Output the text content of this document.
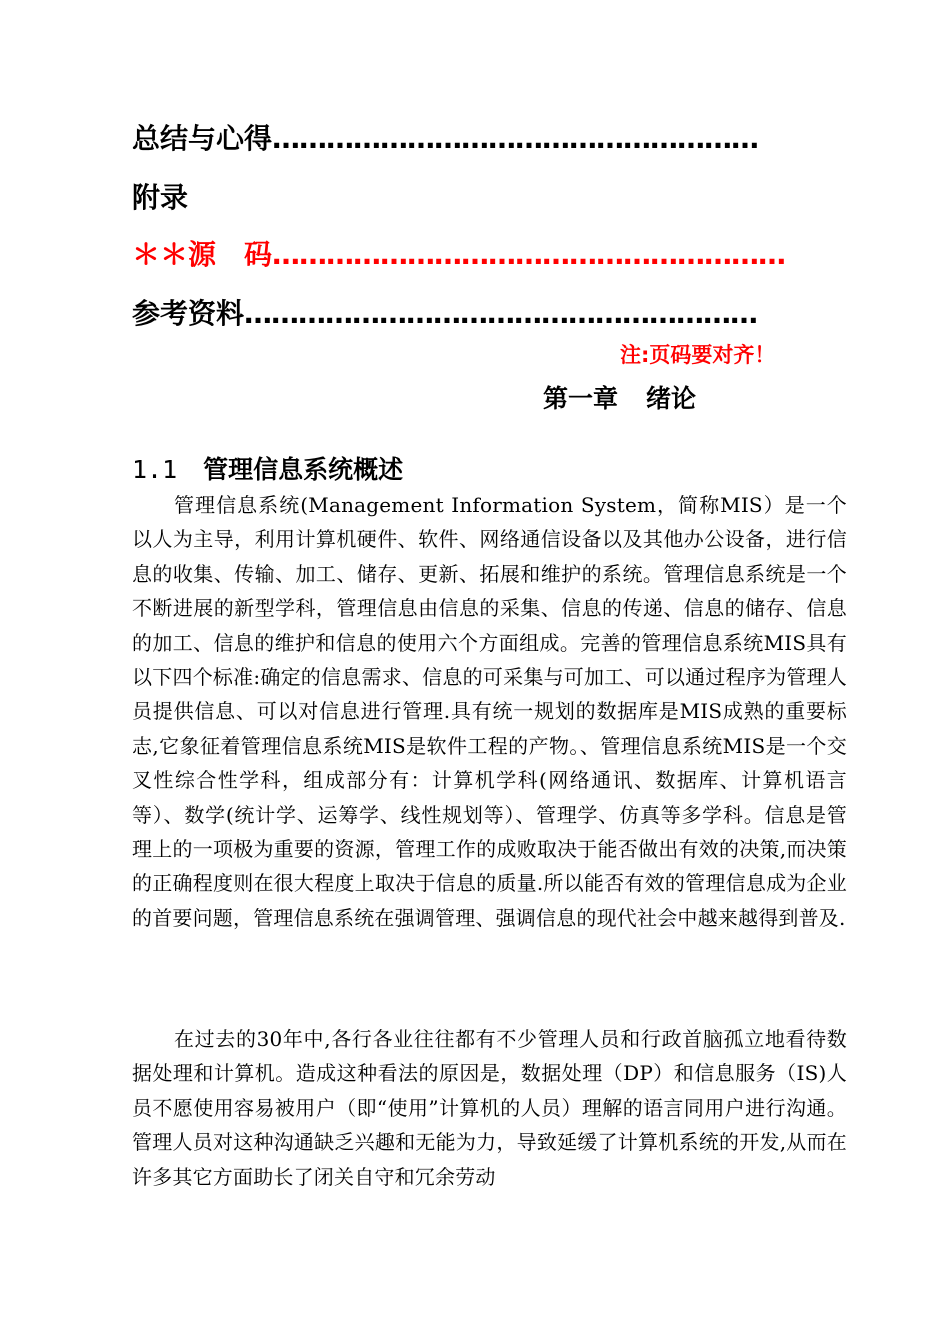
总结与心得………………………………………………
附录
＊＊源　码…………………………………………………
参考资料…………………………………………………
注:页码要对齐！
第一章 绪论
1.1 管理信息系统概述

管理信息系统(Management Information System，简称MIS）是一个以人为主导，利用计算机硬件、软件、网络通信设备以及其他办公设备，进行信息的收集、传输、加工、储存、更新、拓展和维护的系统。管理信息系统是一个不断进展的新型学科，管理信息由信息的采集、信息的传递、信息的储存、信息的加工、信息的维护和信息的使用六个方面组成。完善的管理信息系统MIS具有以下四个标准:确定的信息需求、信息的可采集与可加工、可以通过程序为管理人员提供信息、可以对信息进行管理.具有统一规划的数据库是MIS成熟的重要标志,它象征着管理信息系统MIS是软件工程的产物。、管理信息系统MIS是一个交叉性综合性学科，组成部分有：计算机学科(网络通讯、数据库、计算机语言等）、数学(统计学、运筹学、线性规划等）、管理学、仿真等多学科。信息是管理上的一项极为重要的资源，管理工作的成败取决于能否做出有效的决策,而决策的正确程度则在很大程度上取决于信息的质量.所以能否有效的管理信息成为企业的首要问题，管理信息系统在强调管理、强调信息的现代社会中越来越得到普及.

在过去的30年中,各行各业往往都有不少管理人员和行政首脑孤立地看待数据处理和计算机。造成这种看法的原因是，数据处理（DP）和信息服务（IS)人员不愿使用容易被用户（即“使用”计算机的人员）理解的语言同用户进行沟通。管理人员对这种沟通缺乏兴趣和无能为力，导致延缓了计算机系统的开发,从而在许多其它方面助长了闭关自守和冗余劳动
